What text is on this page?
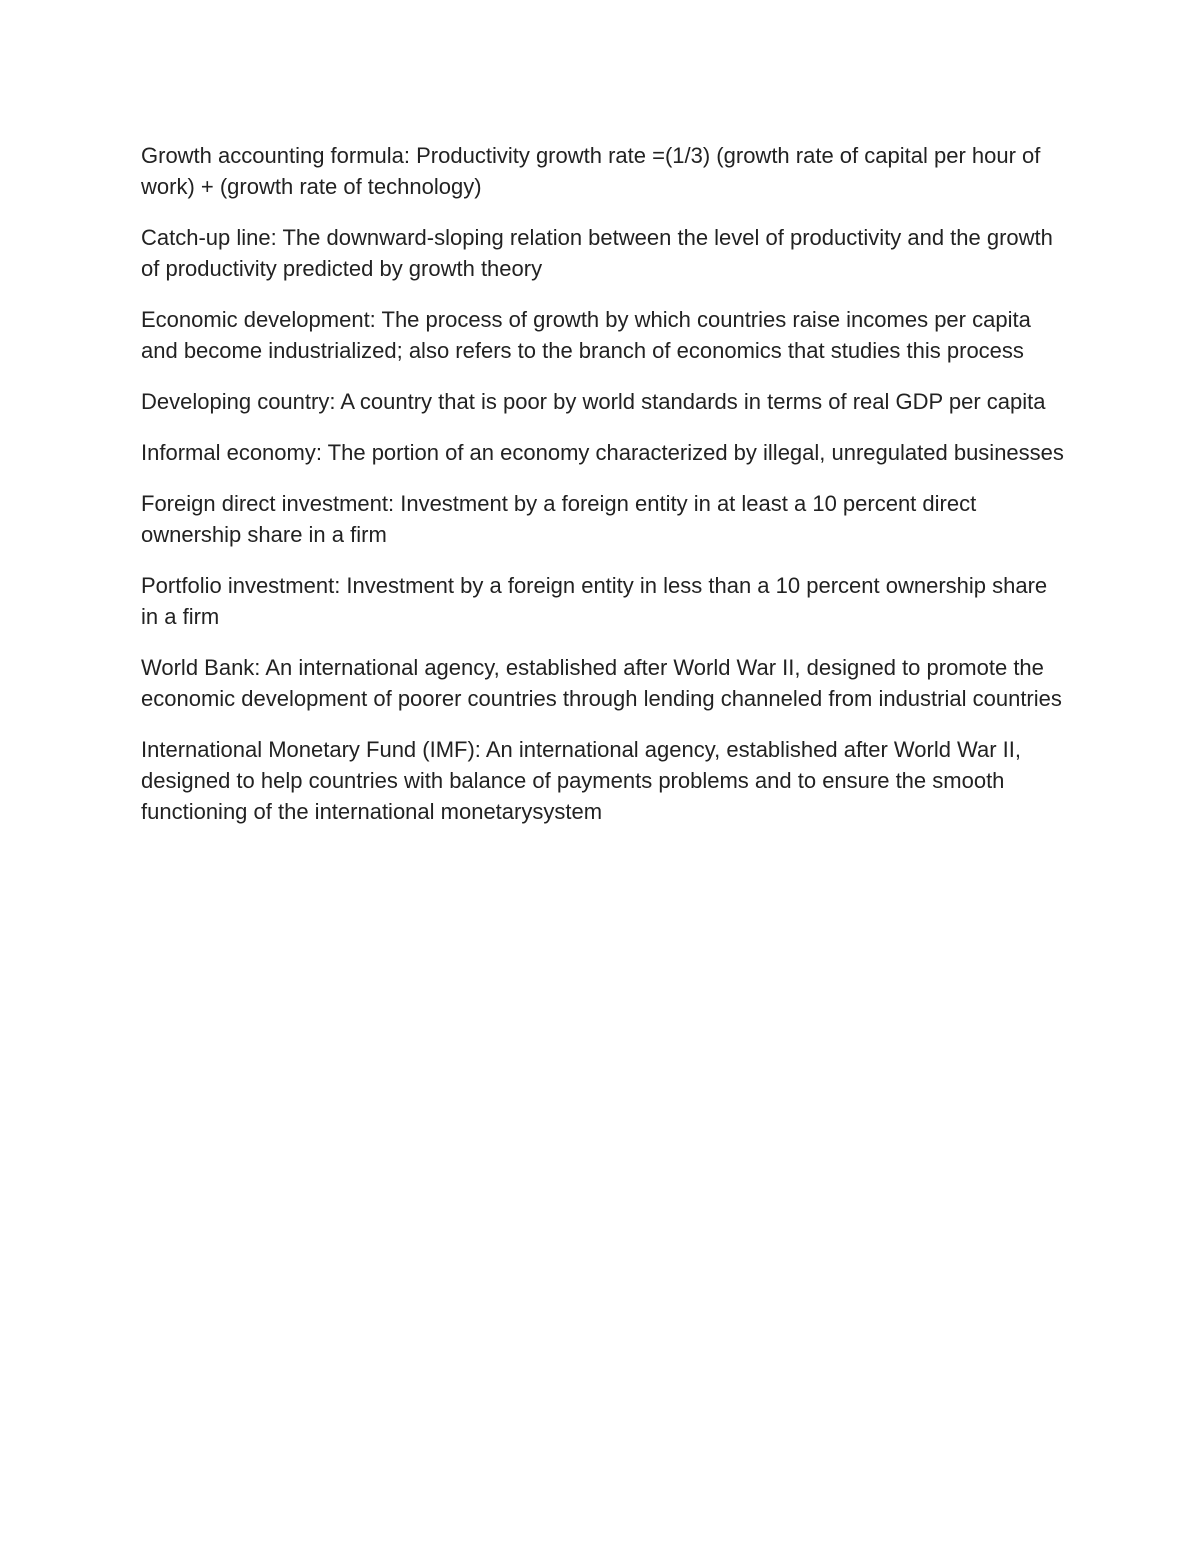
Growth accounting formula: Productivity growth rate =(1/3) (growth rate of capital per hour of work) + (growth rate of technology)

Catch-up line: The downward-sloping relation between the level of productivity and the growth of productivity predicted by growth theory

Economic development: The process of growth by which countries raise incomes per capita and become industrialized; also refers to the branch of economics that studies this process

Developing country: A country that is poor by world standards in terms of real GDP per capita

Informal economy: The portion of an economy characterized by illegal, unregulated businesses

Foreign direct investment: Investment by a foreign entity in at least a 10 percent direct ownership share in a firm

Portfolio investment: Investment by a foreign entity in less than a 10 percent ownership share in a firm

World Bank: An international agency, established after World War II, designed to promote the economic development of poorer countries through lending channeled from industrial countries

International Monetary Fund (IMF): An international agency, established after World War II, designed to help countries with balance of payments problems and to ensure the smooth functioning of the international monetarysystem
